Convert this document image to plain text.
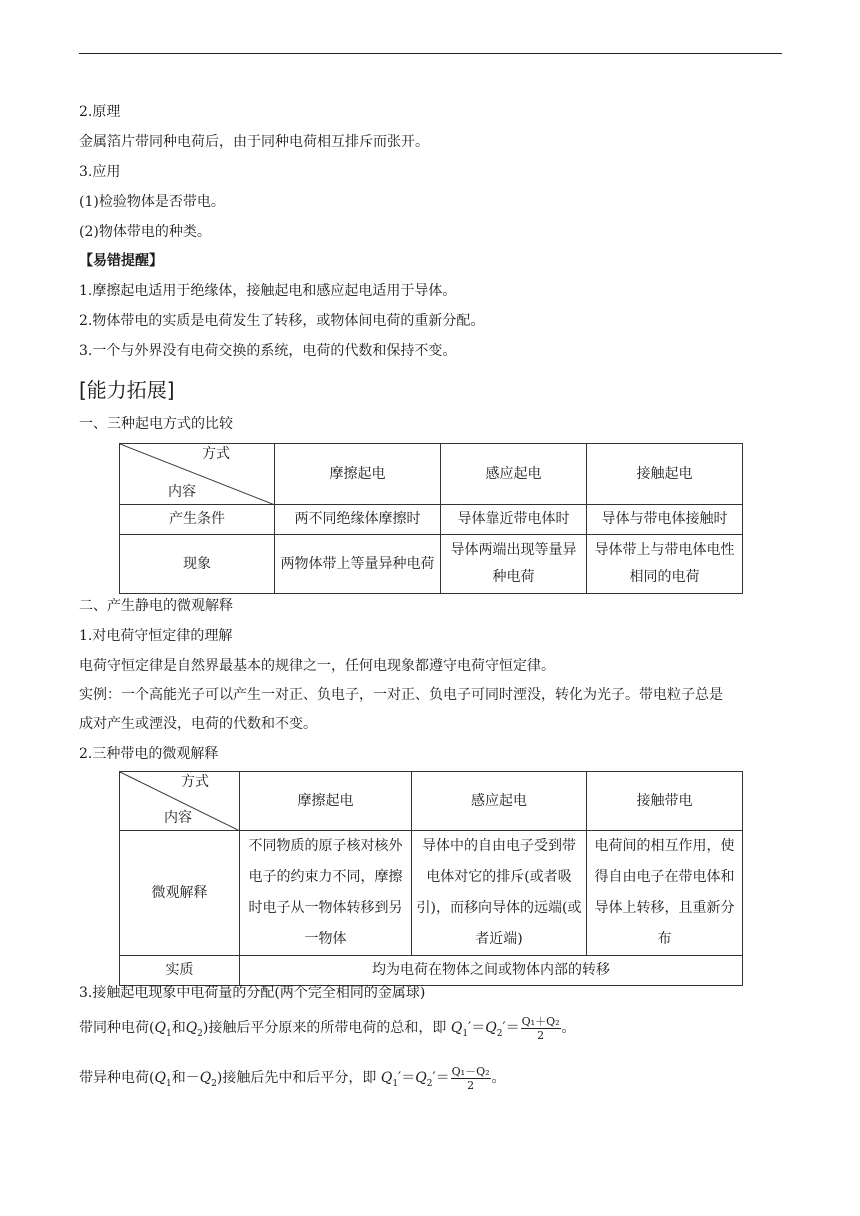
2.原理
金属箔片带同种电荷后，由于同种电荷相互排斥而张开。
3.应用
(1)检验物体是否带电。
(2)物体带电的种类。
【易错提醒】
1.摩擦起电适用于绝缘体，接触起电和感应起电适用于导体。
2.物体带电的实质是电荷发生了转移，或物体间电荷的重新分配。
3.一个与外界没有电荷交换的系统，电荷的代数和保持不变。
[能力拓展]
一、三种起电方式的比较
方式
内容	摩擦起电	感应起电	接触起电
产生条件	两不同绝缘体摩擦时	导体靠近带电体时	导体与带电体接触时
现象	两物体带上等量异种电荷	导体两端出现等量异种电荷	导体带上与带电体电性相同的电荷
二、产生静电的微观解释
1.对电荷守恒定律的理解
电荷守恒定律是自然界最基本的规律之一，任何电现象都遵守电荷守恒定律。
实例：一个高能光子可以产生一对正、负电子，一对正、负电子可同时湮没，转化为光子。带电粒子总是
成对产生或湮没，电荷的代数和不变。
2.三种带电的微观解释
方式
内容	摩擦起电	感应起电	接触带电
微观解释	不同物质的原子核对核外电子的约束力不同，摩擦时电子从一物体转移到另一物体	导体中的自由电子受到带电体对它的排斥(或者吸引)，而移向导体的远端(或者近端)	电荷间的相互作用，使得自由电子在带电体和导体上转移，且重新分布
实质	均为电荷在物体之间或物体内部的转移		
3.接触起电现象中电荷量的分配(两个完全相同的金属球)
带同种电荷($Q_1$和$Q_2$)接触后平分原来的所带电荷的总和，即 $Q_1'=Q_2'= \frac{\text{Q₁＋Q₂}}{2}$ 。
带异种电荷($Q_1$和$-Q_2$)接触后先中和后平分，即 $Q_1'=Q_2'= \frac{\text{Q₁－Q₂}}{2}$ 。
